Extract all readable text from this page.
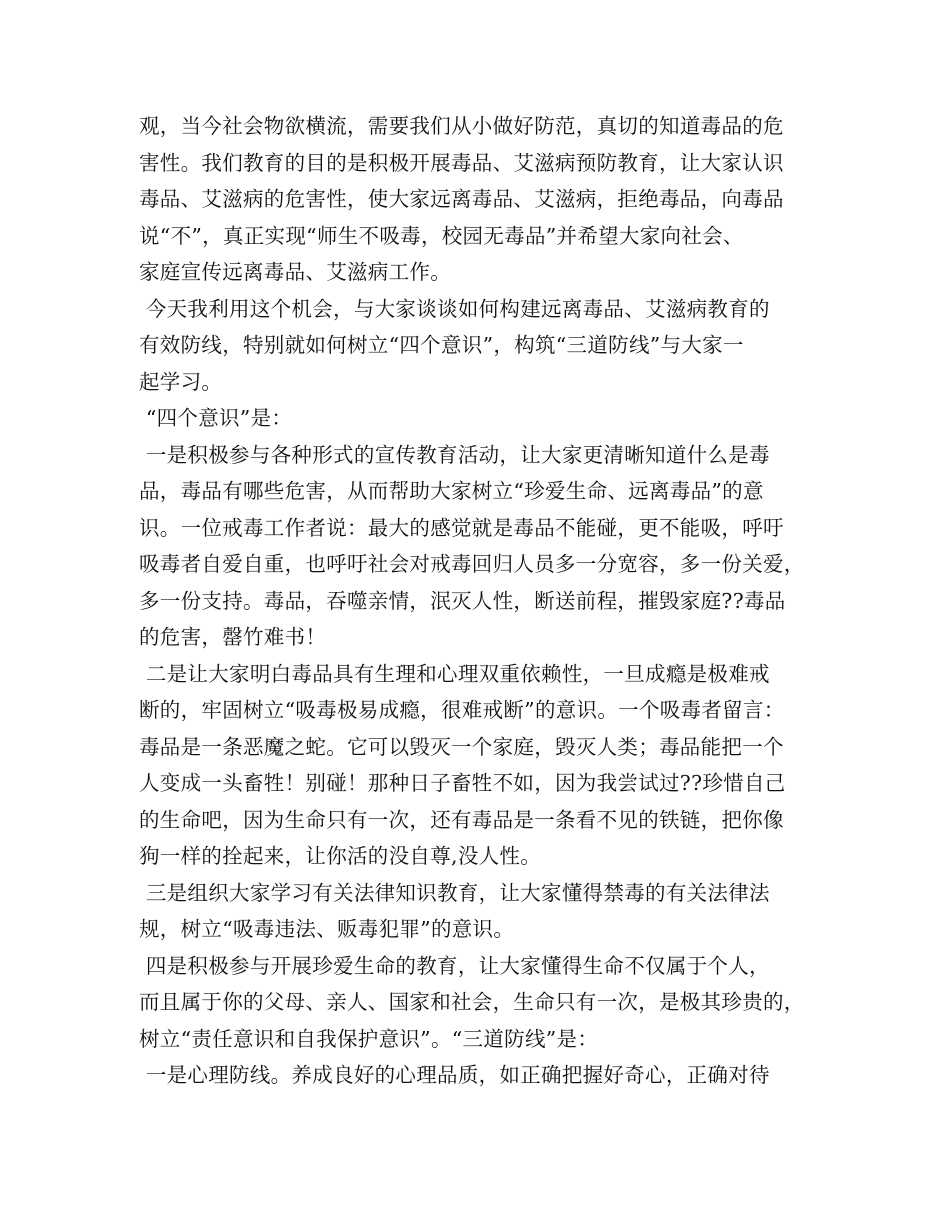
观，当今社会物欲横流，需要我们从小做好防范，真切的知道毒品的危
害性。我们教育的目的是积极开展毒品、艾滋病预防教育，让大家认识
毒品、艾滋病的危害性，使大家远离毒品、艾滋病，拒绝毒品，向毒品
说“不”，真正实现“师生不吸毒，校园无毒品”并希望大家向社会、
家庭宣传远离毒品、艾滋病工作。
今天我利用这个机会，与大家谈谈如何构建远离毒品、艾滋病教育的
有效防线，特别就如何树立“四个意识”，构筑“三道防线”与大家一
起学习。
“四个意识”是：
一是积极参与各种形式的宣传教育活动，让大家更清晰知道什么是毒
品，毒品有哪些危害，从而帮助大家树立“珍爱生命、远离毒品”的意
识。一位戒毒工作者说：最大的感觉就是毒品不能碰，更不能吸，呼吁
吸毒者自爱自重，也呼吁社会对戒毒回归人员多一分宽容，多一份关爱，
多一份支持。毒品，吞噬亲情，泯灭人性，断送前程，摧毁家庭??毒品
的危害，罄竹难书！
二是让大家明白毒品具有生理和心理双重依赖性，一旦成瘾是极难戒
断的，牢固树立“吸毒极易成瘾，很难戒断”的意识。一个吸毒者留言：
毒品是一条恶魔之蛇。它可以毁灭一个家庭，毁灭人类；毒品能把一个
人变成一头畜牲！别碰！那种日子畜牲不如，因为我尝试过??珍惜自己
的生命吧，因为生命只有一次，还有毒品是一条看不见的铁链，把你像
狗一样的拴起来，让你活的没自尊,没人性。
三是组织大家学习有关法律知识教育，让大家懂得禁毒的有关法律法
规，树立“吸毒违法、贩毒犯罪”的意识。
四是积极参与开展珍爱生命的教育，让大家懂得生命不仅属于个人，
而且属于你的父母、亲人、国家和社会，生命只有一次，是极其珍贵的，
树立“责任意识和自我保护意识”。“三道防线”是：
一是心理防线。养成良好的心理品质，如正确把握好奇心，正确对待
